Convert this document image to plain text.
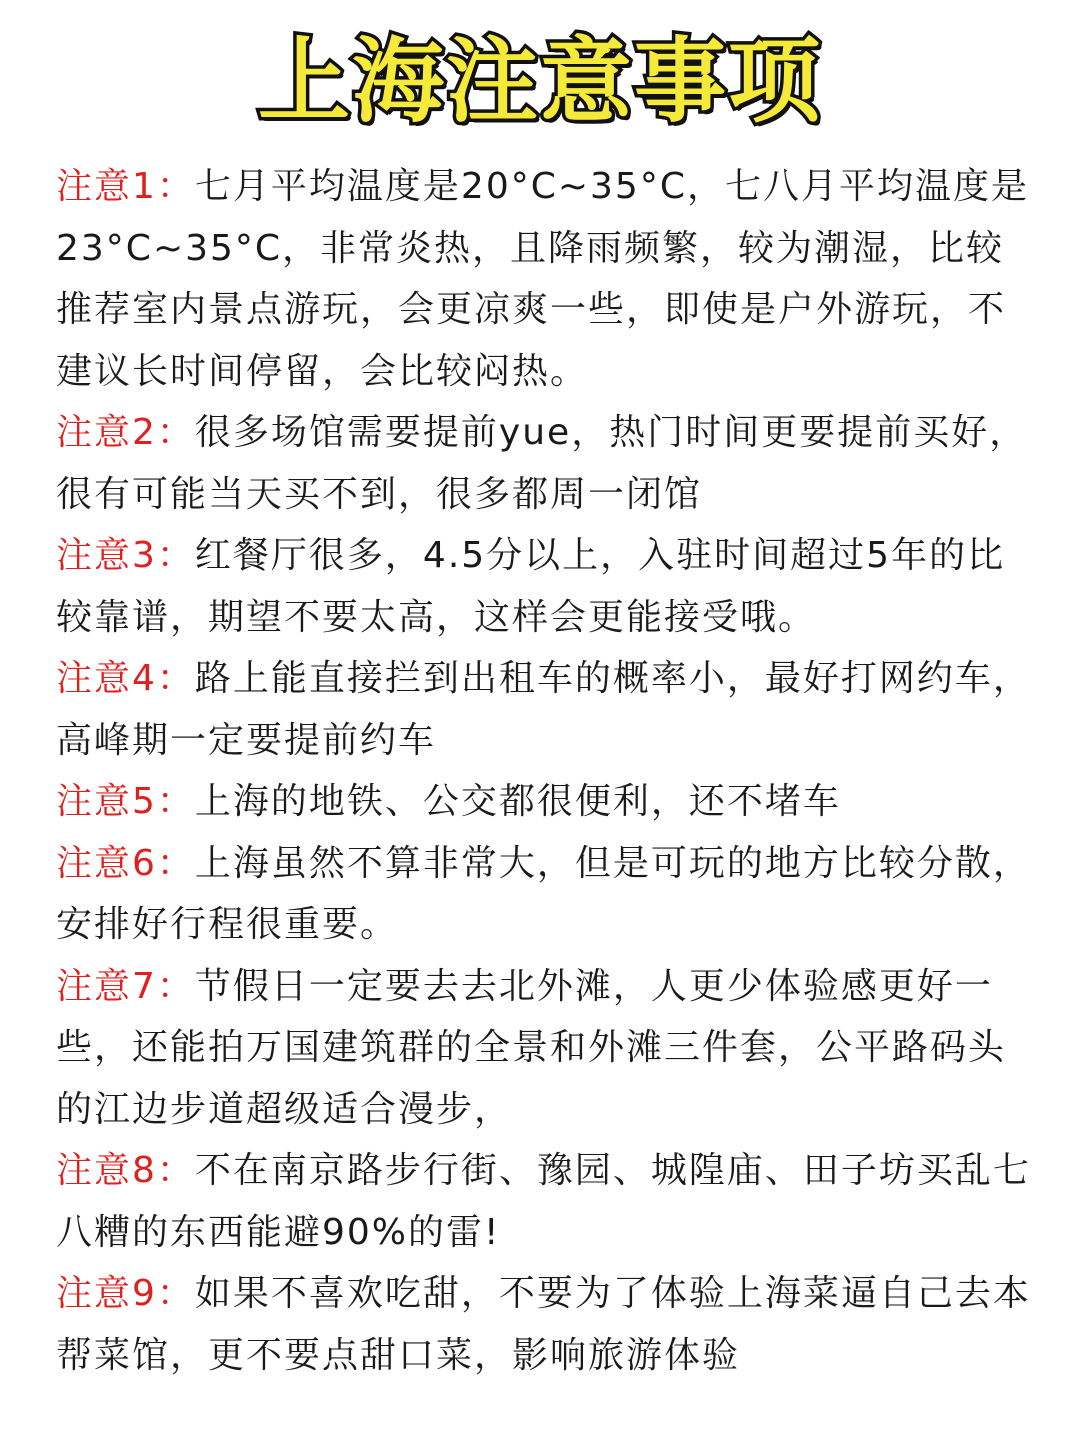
上海注意事项

注意1：七月平均温度是20°C~35°C，七八月平均温度是23°C~35°C，非常炎热，且降雨频繁，较为潮湿，比较推荐室内景点游玩，会更凉爽一些，即使是户外游玩，不建议长时间停留，会比较闷热。

注意2：很多场馆需要提前yue，热门时间更要提前买好，很有可能当天买不到，很多都周一闭馆

注意3：红餐厅很多，4.5分以上，入驻时间超过5年的比较靠谱，期望不要太高，这样会更能接受哦。

注意4：路上能直接拦到出租车的概率小，最好打网约车，高峰期一定要提前约车

注意5：上海的地铁、公交都很便利，还不堵车

注意6：上海虽然不算非常大，但是可玩的地方比较分散，安排好行程很重要。

注意7：节假日一定要去去北外滩，人更少体验感更好一些，还能拍万国建筑群的全景和外滩三件套，公平路码头的江边步道超级适合漫步，

注意8：不在南京路步行街、豫园、城隍庙、田子坊买乱七八糟的东西能避90%的雷!

注意9：如果不喜欢吃甜，不要为了体验上海菜逼自己去本帮菜馆，更不要点甜口菜，影响旅游体验
